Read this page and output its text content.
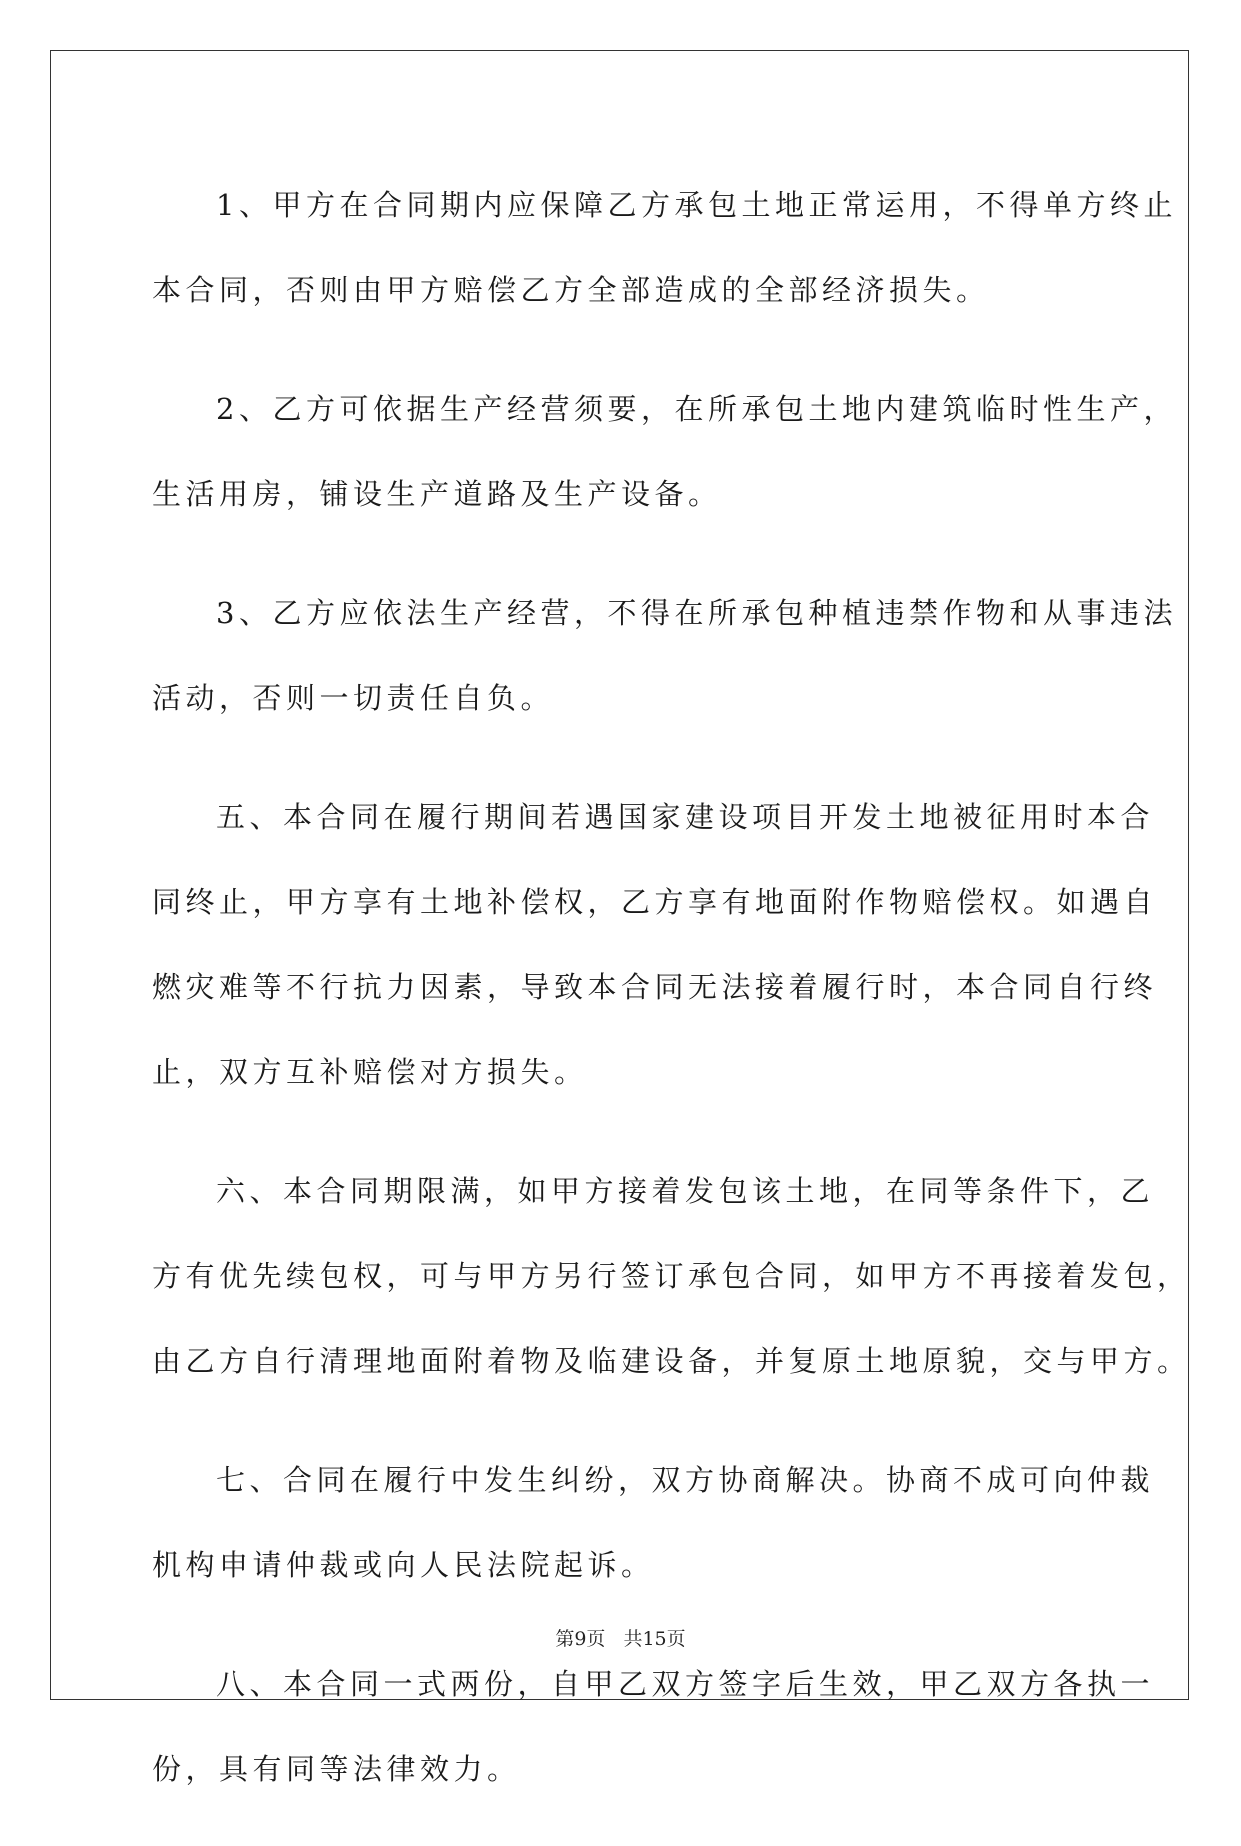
1、甲方在合同期内应保障乙方承包土地正常运用，不得单方终止
本合同，否则由甲方赔偿乙方全部造成的全部经济损失。
2、乙方可依据生产经营须要，在所承包土地内建筑临时性生产，
生活用房，铺设生产道路及生产设备。
3、乙方应依法生产经营，不得在所承包种植违禁作物和从事违法
活动，否则一切责任自负。
五、本合同在履行期间若遇国家建设项目开发土地被征用时本合
同终止，甲方享有土地补偿权，乙方享有地面附作物赔偿权。如遇自
燃灾难等不行抗力因素，导致本合同无法接着履行时，本合同自行终
止，双方互补赔偿对方损失。
六、本合同期限满，如甲方接着发包该土地，在同等条件下，乙
方有优先续包权，可与甲方另行签订承包合同，如甲方不再接着发包，
由乙方自行清理地面附着物及临建设备，并复原土地原貌，交与甲方。
七、合同在履行中发生纠纷，双方协商解决。协商不成可向仲裁
机构申请仲裁或向人民法院起诉。
八、本合同一式两份，自甲乙双方签字后生效，甲乙双方各执一
份，具有同等法律效力。
第9页 共15页
